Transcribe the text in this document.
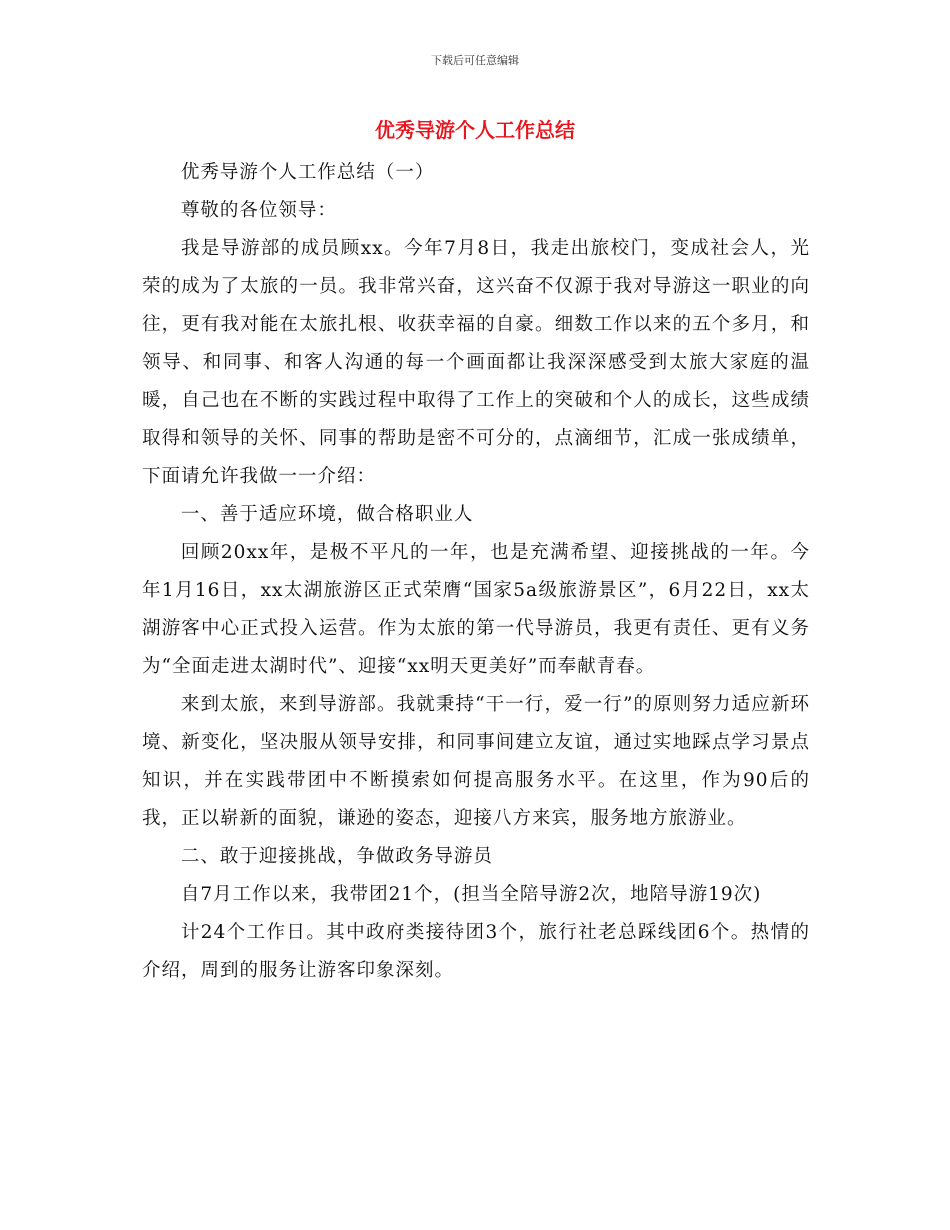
下载后可任意编辑
优秀导游个人工作总结

优秀导游个人工作总结（一）

尊敬的各位领导：

我是导游部的成员顾xx。今年7月8日，我走出旅校门，变成社会人，光荣的成为了太旅的一员。我非常兴奋，这兴奋不仅源于我对导游这一职业的向往，更有我对能在太旅扎根、收获幸福的自豪。细数工作以来的五个多月，和领导、和同事、和客人沟通的每一个画面都让我深深感受到太旅大家庭的温暖，自己也在不断的实践过程中取得了工作上的突破和个人的成长，这些成绩取得和领导的关怀、同事的帮助是密不可分的，点滴细节，汇成一张成绩单，下面请允许我做一一介绍：

一、善于适应环境，做合格职业人

回顾20xx年，是极不平凡的一年，也是充满希望、迎接挑战的一年。今年1月16日，xx太湖旅游区正式荣膺“国家5a级旅游景区”，6月22日，xx太湖游客中心正式投入运营。作为太旅的第一代导游员，我更有责任、更有义务为“全面走进太湖时代”、迎接“xx明天更美好”而奉献青春。

来到太旅，来到导游部。我就秉持“干一行，爱一行”的原则努力适应新环境、新变化，坚决服从领导安排，和同事间建立友谊，通过实地踩点学习景点知识，并在实践带团中不断摸索如何提高服务水平。在这里，作为90后的我，正以崭新的面貌，谦逊的姿态，迎接八方来宾，服务地方旅游业。

二、敢于迎接挑战，争做政务导游员

自7月工作以来，我带团21个，(担当全陪导游2次，地陪导游19次)

计24个工作日。其中政府类接待团3个，旅行社老总踩线团6个。热情的介绍，周到的服务让游客印象深刻。
